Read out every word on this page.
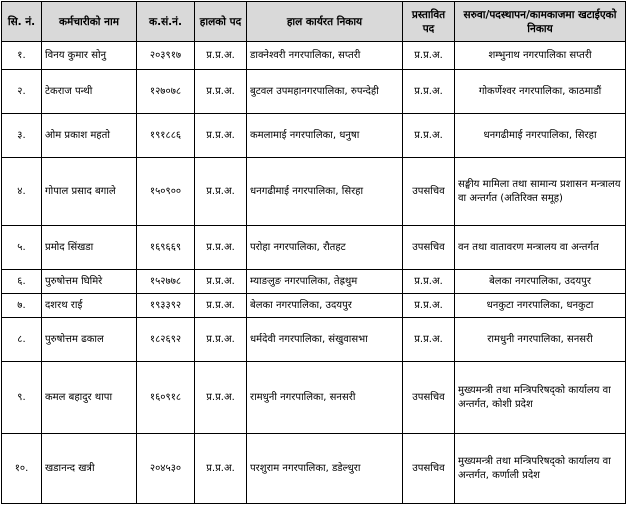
सि. नं.	कर्मचारीको नाम	क.सं.नं.	हालको पद	हाल कार्यरत निकाय	प्रस्तावित पद	सरुवा/पदस्थापन/कामकाजमा खटाईएको निकाय
१.	विनय कुमार सोनु	२०३९१७	प्र.प्र.अ.	डाक्नेश्वरी नगरपालिका, सप्तरी	प्र.प्र.अ.	शम्भुनाथ नगरपालिका सप्तरी
२.	टेकराज पन्थी	१२७०७८	प्र.प्र.अ.	बुटवल उपमहानगरपालिका, रुपन्देही	प्र.प्र.अ.	गोकर्णेश्वर नगरपालिका, काठमाडौं
३.	ओम प्रकाश महतो	१९१८८६	प्र.प्र.अ.	कमलामाई नगरपालिका, धनुषा	प्र.प्र.अ.	धनगढीमाई नगरपालिका, सिरहा
४.	गोपाल प्रसाद बगाले	१५०९००	प्र.प्र.अ.	धनगढीमाई नगरपालिका, सिरहा	उपसचिव	सङ्घीय मामिला तथा सामान्य प्रशासन मन्त्रालय वा अन्तर्गत (अतिरिक्त समूह)
५.	प्रमोद सिंखडा	१६९६६९	प्र.प्र.अ.	परोहा नगरपालिका, रौतहट	उपसचिव	वन तथा वातावरण मन्त्रालय वा अन्तर्गत
६.	पुरुषोत्तम घिमिरे	१५२७७८	प्र.प्र.अ.	म्याङलुङ नगरपालिका, तेह्रथुम	प्र.प्र.अ.	बेलका नगरपालिका, उदयपुर
७.	दशरथ राई	१९३३९२	प्र.प्र.अ.	बेलका नगरपालिका, उदयपुर	प्र.प्र.अ.	धनकुटा नगरपालिका, धनकुटा
८.	पुरुषोत्तम ढकाल	१८२६९२	प्र.प्र.अ.	धर्मदेवी नगरपालिका, संखुवासभा	प्र.प्र.अ.	रामधुनी नगरपालिका, सनसरी
९.	कमल बहादुर थापा	१६०९१८	प्र.प्र.अ.	रामधुनी नगरपालिका, सनसरी	उपसचिव	मुख्यमन्त्री तथा मन्त्रिपरिषद्को कार्यालय वा अन्तर्गत, कोशी प्रदेश
१०.	खडानन्द खत्री	२०४५३०	प्र.प्र.अ.	परशुराम नगरपालिका, डडेल्धुरा	उपसचिव	मुख्यमन्त्री तथा मन्त्रिपरिषद्को कार्यालय वा अन्तर्गत, कर्णाली प्रदेश
